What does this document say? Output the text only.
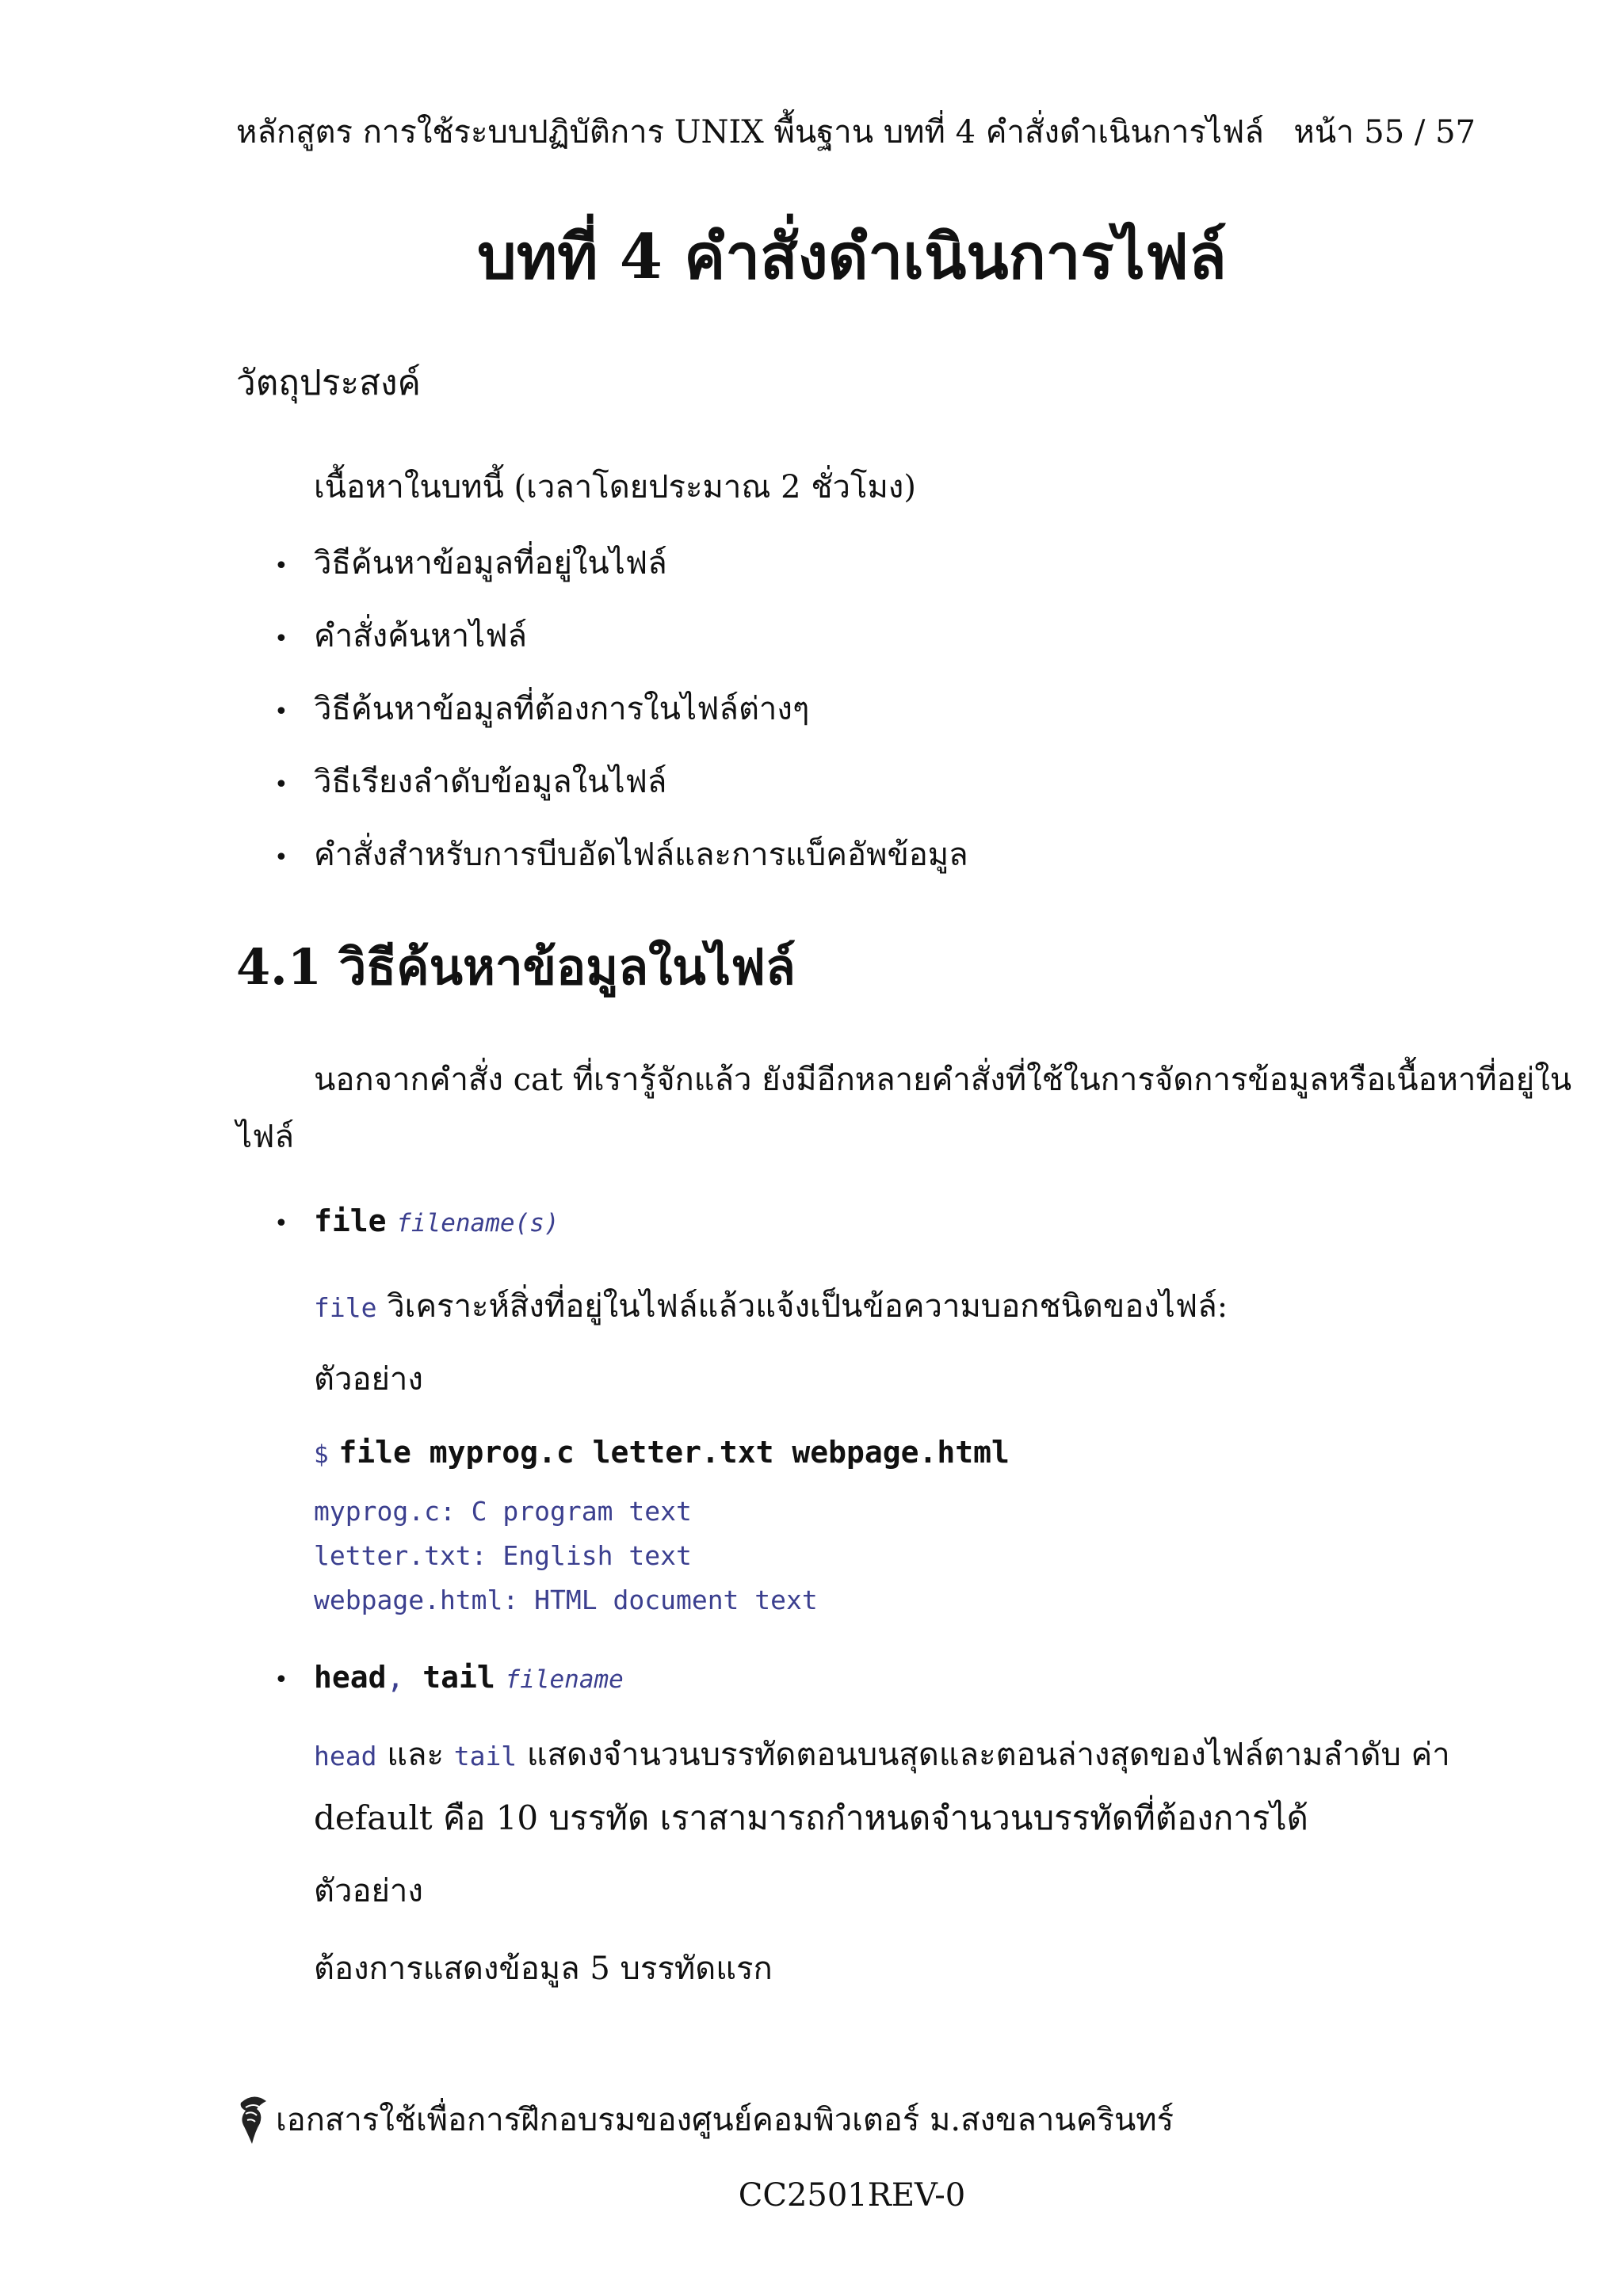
หลักสูตร การใช้ระบบปฏิบัติการ UNIX พื้นฐาน บทที่ 4 คำสั่งดำเนินการไฟล์ หน้า 55 / 57
บทที่ 4 คำสั่งดำเนินการไฟล์
วัตถุประสงค์
เนื้อหาในบทนี้ (เวลาโดยประมาณ 2 ชั่วโมง)
• วิธีค้นหาข้อมูลที่อยู่ในไฟล์
• คำสั่งค้นหาไฟล์
• วิธีค้นหาข้อมูลที่ต้องการในไฟล์ต่างๆ
• วิธีเรียงลำดับข้อมูลในไฟล์
• คำสั่งสำหรับการบีบอัดไฟล์และการแบ็คอัพข้อมูล
4.1 วิธีค้นหาข้อมูลในไฟล์
นอกจากคำสั่ง cat ที่เรารู้จักแล้ว ยังมีอีกหลายคำสั่งที่ใช้ในการจัดการข้อมูลหรือเนื้อหาที่อยู่ใน
ไฟล์
• file filename(s)
file วิเคราะห์สิ่งที่อยู่ในไฟล์แล้วแจ้งเป็นข้อความบอกชนิดของไฟล์:
ตัวอย่าง
$ file myprog.c letter.txt webpage.html
myprog.c: C program text
letter.txt: English text
webpage.html: HTML document text
• head, tail filename
head และ tail แสดงจำนวนบรรทัดตอนบนสุดและตอนล่างสุดของไฟล์ตามลำดับ ค่า
default คือ 10 บรรทัด เราสามารถกำหนดจำนวนบรรทัดที่ต้องการได้
ตัวอย่าง
ต้องการแสดงข้อมูล 5 บรรทัดแรก
เอกสารใช้เพื่อการฝึกอบรมของศูนย์คอมพิวเตอร์ ม.สงขลานครินทร์
CC2501REV-0
